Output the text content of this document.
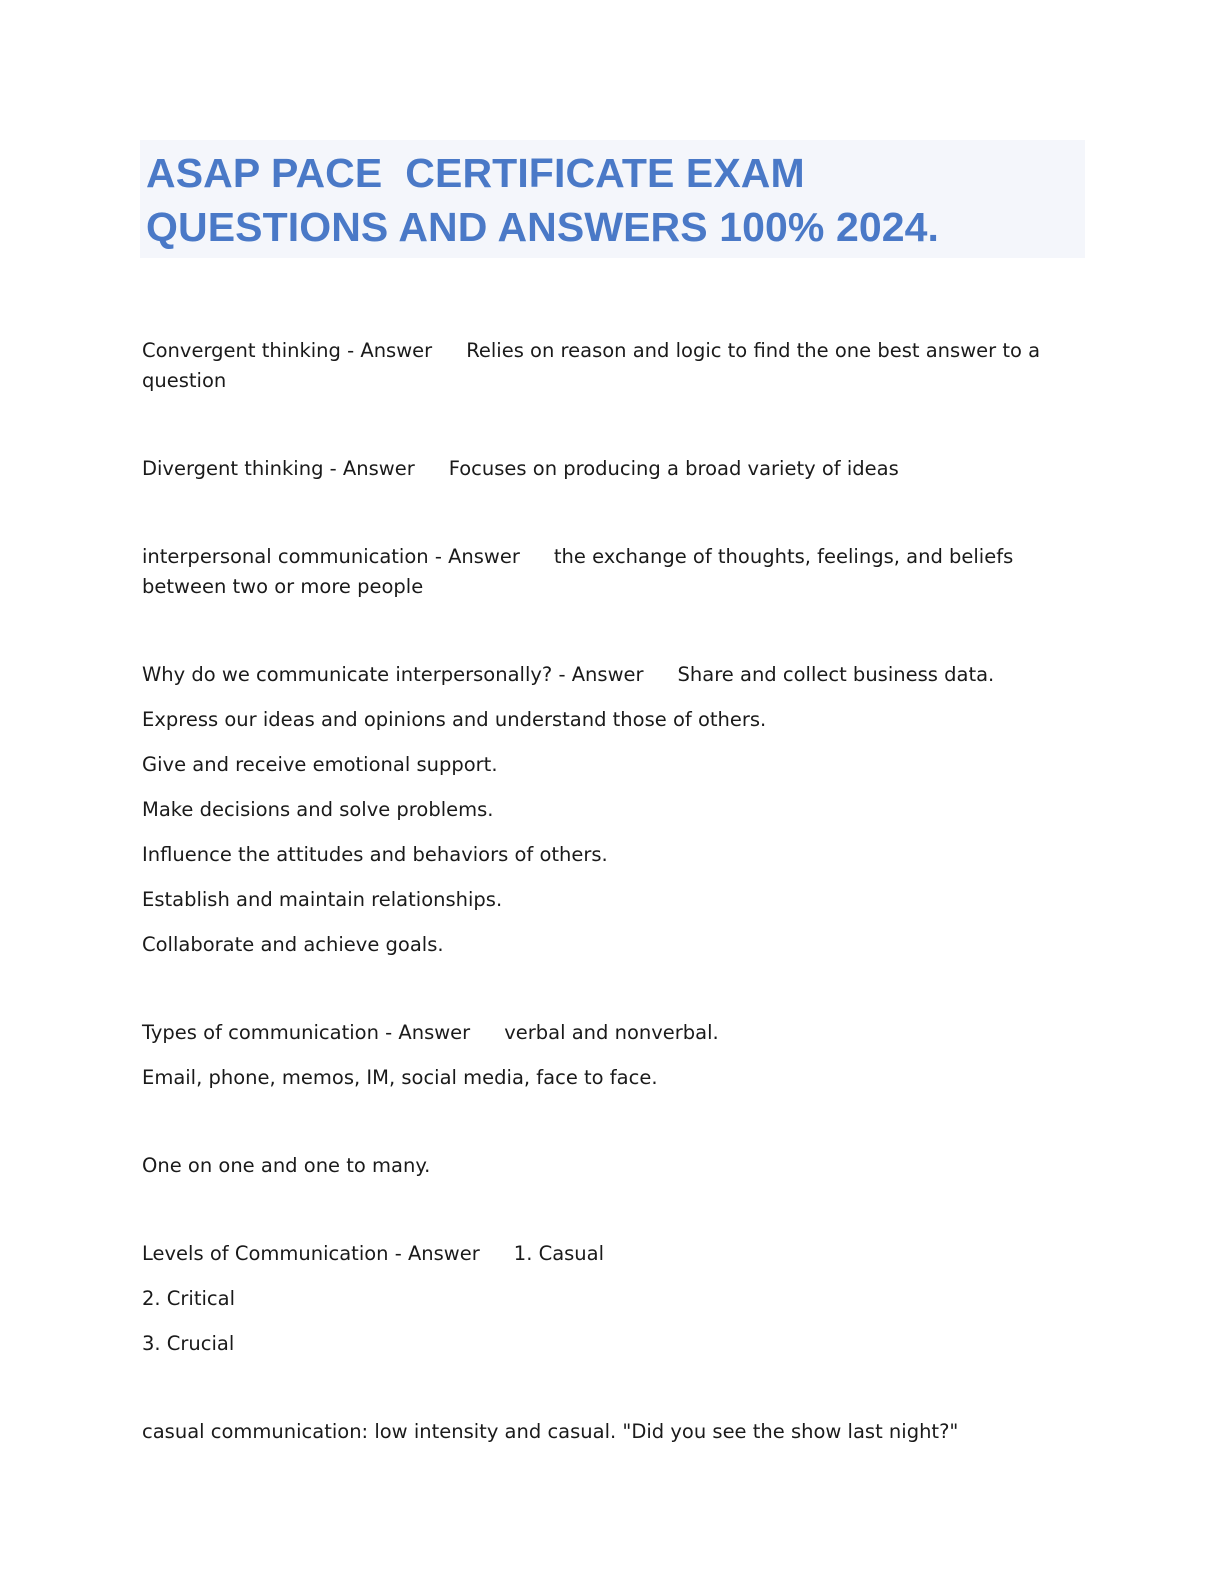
ASAP PACE  CERTIFICATE EXAM
QUESTIONS AND ANSWERS 100% 2024.

Convergent thinking - Answer Relies on reason and logic to find the one best answer to a question

Divergent thinking - Answer Focuses on producing a broad variety of ideas

interpersonal communication - Answer the exchange of thoughts, feelings, and beliefs between two or more people

Why do we communicate interpersonally? - Answer Share and collect business data.

Express our ideas and opinions and understand those of others.

Give and receive emotional support.

Make decisions and solve problems.

Influence the attitudes and behaviors of others.

Establish and maintain relationships.

Collaborate and achieve goals.

Types of communication - Answer verbal and nonverbal.

Email, phone, memos, IM, social media, face to face.

One on one and one to many.

Levels of Communication - Answer 1. Casual

2. Critical

3. Crucial

casual communication: low intensity and casual. "Did you see the show last night?"
